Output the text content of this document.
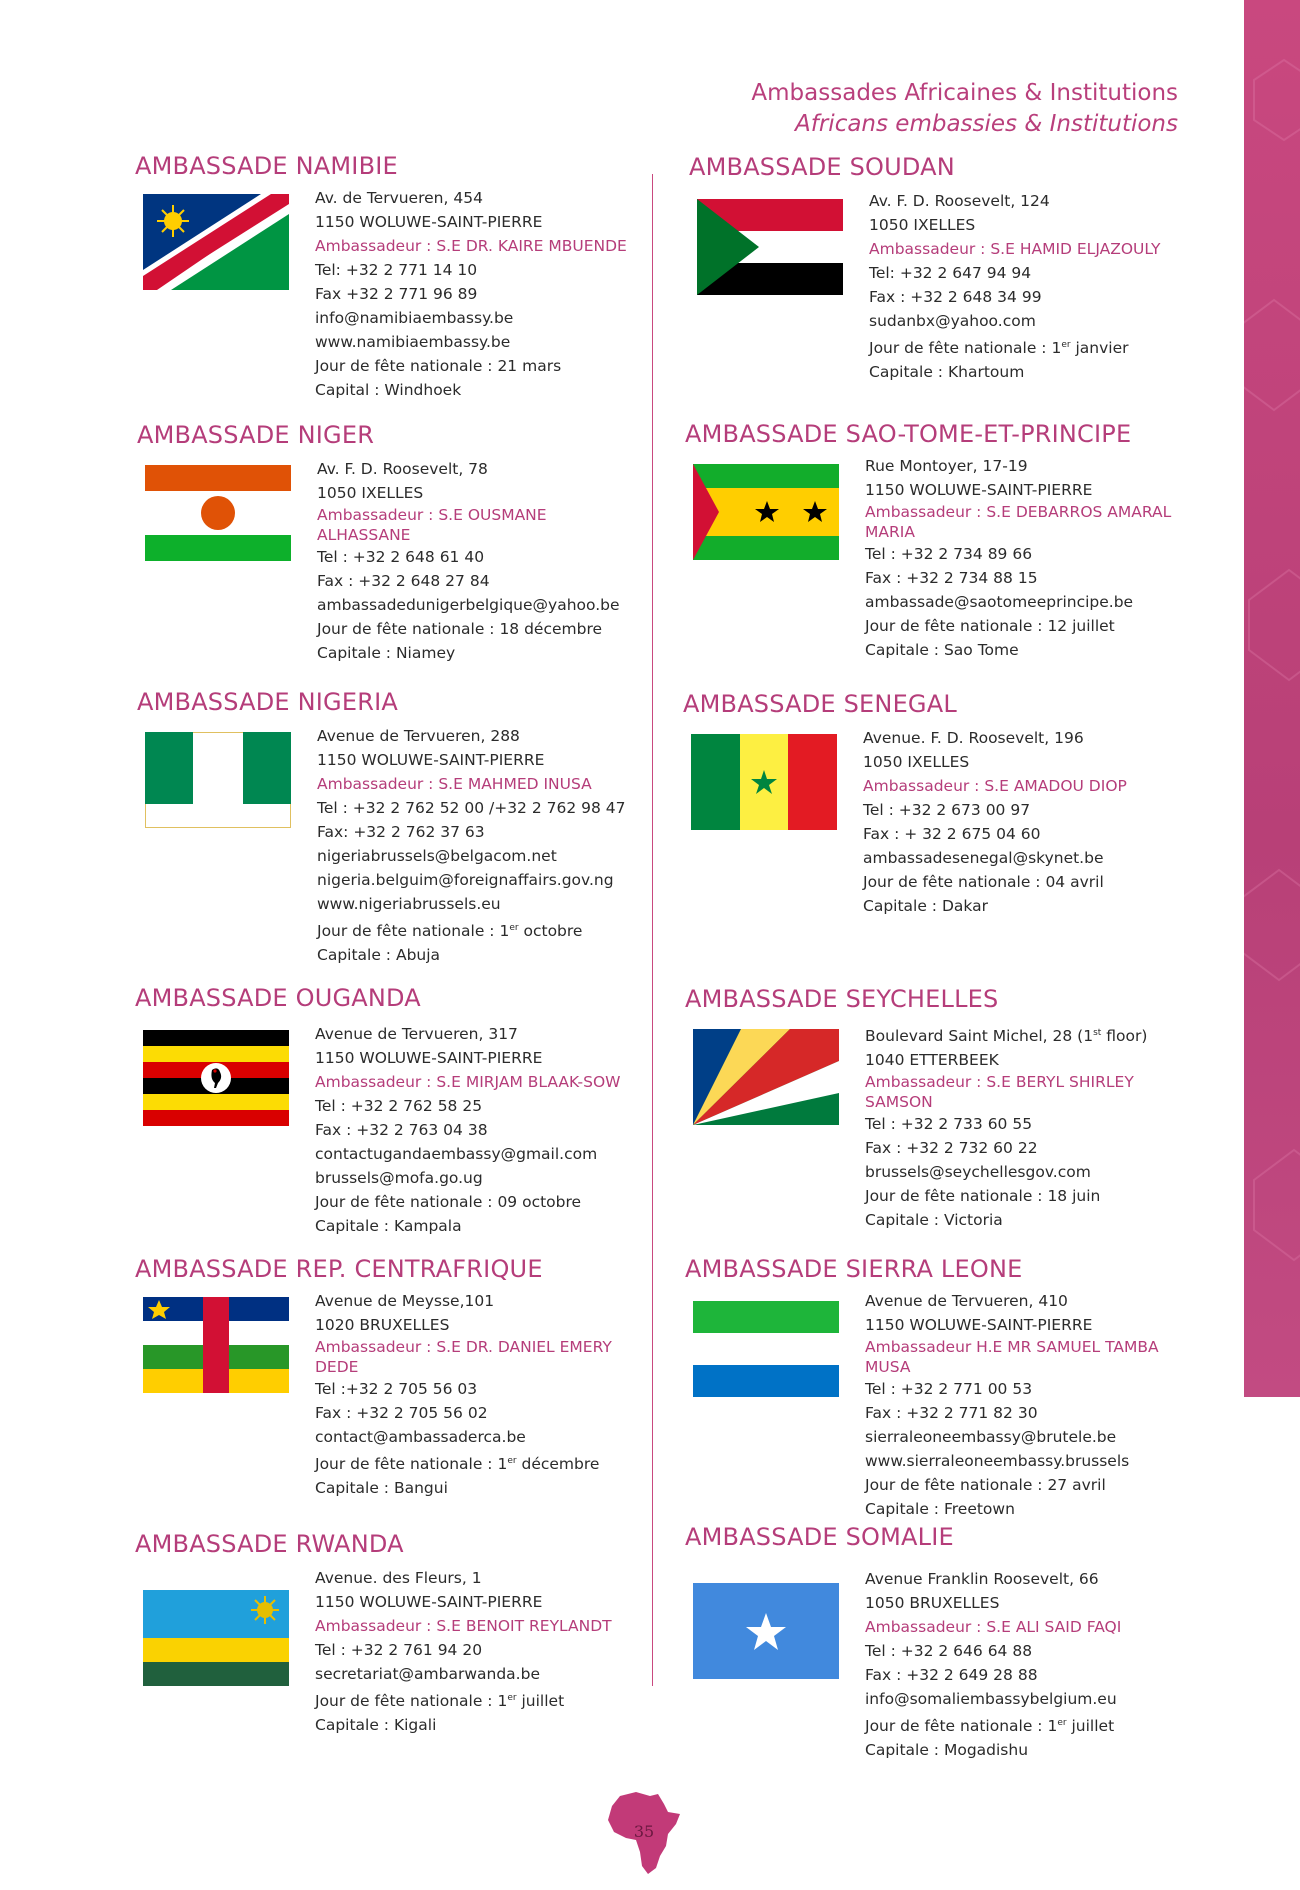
Ambassades Africaines & Institutions
Africans embassies & Institutions
AMBASSADE NAMIBIE
Av. de Tervueren, 454
1150 WOLUWE-SAINT-PIERRE
Ambassadeur : S.E DR. KAIRE MBUENDE
Tel: +32 2 771 14 10
Fax +32 2 771 96 89
info@namibiaembassy.be
www.namibiaembassy.be
Jour de fête nationale : 21 mars
Capital : Windhoek
AMBASSADE NIGER
Av. F. D. Roosevelt, 78
1050 IXELLES
Ambassadeur : S.E OUSMANE ALHASSANE
Tel : +32 2 648 61 40
Fax : +32 2 648 27 84
ambassadedunigerbelgique@yahoo.be
Jour de fête nationale : 18 décembre
Capitale : Niamey
AMBASSADE NIGERIA
Avenue de Tervueren, 288
1150 WOLUWE-SAINT-PIERRE
Ambassadeur : S.E MAHMED INUSA
Tel : +32 2 762 52 00 /+32 2 762 98 47
Fax: +32 2 762 37 63
nigeriabrussels@belgacom.net
nigeria.belguim@foreignaffairs.gov.ng
www.nigeriabrussels.eu
Jour de fête nationale : 1er octobre
Capitale : Abuja
AMBASSADE OUGANDA
Avenue de Tervueren, 317
1150 WOLUWE-SAINT-PIERRE
Ambassadeur : S.E MIRJAM BLAAK-SOW
Tel : +32 2 762 58 25
Fax : +32 2 763 04 38
contactugandaembassy@gmail.com
brussels@mofa.go.ug
Jour de fête nationale : 09 octobre
Capitale : Kampala
AMBASSADE REP. CENTRAFRIQUE
Avenue de Meysse,101
1020 BRUXELLES
Ambassadeur : S.E DR. DANIEL EMERY DEDE
Tel :+32 2 705 56 03
Fax : +32 2 705 56 02
contact@ambassaderca.be
Jour de fête nationale : 1er décembre
Capitale : Bangui
AMBASSADE RWANDA
Avenue. des Fleurs, 1
1150 WOLUWE-SAINT-PIERRE
Ambassadeur : S.E BENOIT REYLANDT
Tel : +32 2 761 94 20
secretariat@ambarwanda.be
Jour de fête nationale : 1er juillet
Capitale : Kigali
AMBASSADE SOUDAN
Av. F. D. Roosevelt, 124
1050 IXELLES
Ambassadeur : S.E HAMID ELJAZOULY
Tel: +32 2 647 94 94
Fax : +32 2 648 34 99
sudanbx@yahoo.com
Jour de fête nationale : 1er janvier
Capitale : Khartoum
AMBASSADE SAO-TOME-ET-PRINCIPE
Rue Montoyer, 17-19
1150 WOLUWE-SAINT-PIERRE
Ambassadeur : S.E DEBARROS AMARAL MARIA
Tel : +32 2 734 89 66
Fax : +32 2 734 88 15
ambassade@saotomeeprincipe.be
Jour de fête nationale : 12 juillet
Capitale : Sao Tome
AMBASSADE SENEGAL
Avenue. F. D. Roosevelt, 196
1050 IXELLES
Ambassadeur : S.E AMADOU DIOP
Tel : +32 2 673 00 97
Fax : + 32 2 675 04 60
ambassadesenegal@skynet.be
Jour de fête nationale : 04 avril
Capitale : Dakar
AMBASSADE SEYCHELLES
Boulevard Saint Michel, 28 (1st floor)
1040 ETTERBEEK
Ambassadeur : S.E BERYL SHIRLEY SAMSON
Tel : +32 2 733 60 55
Fax : +32 2 732 60 22
brussels@seychellesgov.com
Jour de fête nationale : 18 juin
Capitale : Victoria
AMBASSADE SIERRA LEONE
Avenue de Tervueren, 410
1150 WOLUWE-SAINT-PIERRE
Ambassadeur H.E MR SAMUEL TAMBA MUSA
Tel : +32 2 771 00 53
Fax : +32 2 771 82 30
sierraleoneembassy@brutele.be
www.sierraleoneembassy.brussels
Jour de fête nationale : 27 avril
Capitale : Freetown
AMBASSADE SOMALIE
Avenue Franklin Roosevelt, 66
1050 BRUXELLES
Ambassadeur : S.E ALI SAID FAQI
Tel : +32 2 646 64 88
Fax : +32 2 649 28 88
info@somaliembassybelgium.eu
Jour de fête nationale : 1er juillet
Capitale : Mogadishu
35
